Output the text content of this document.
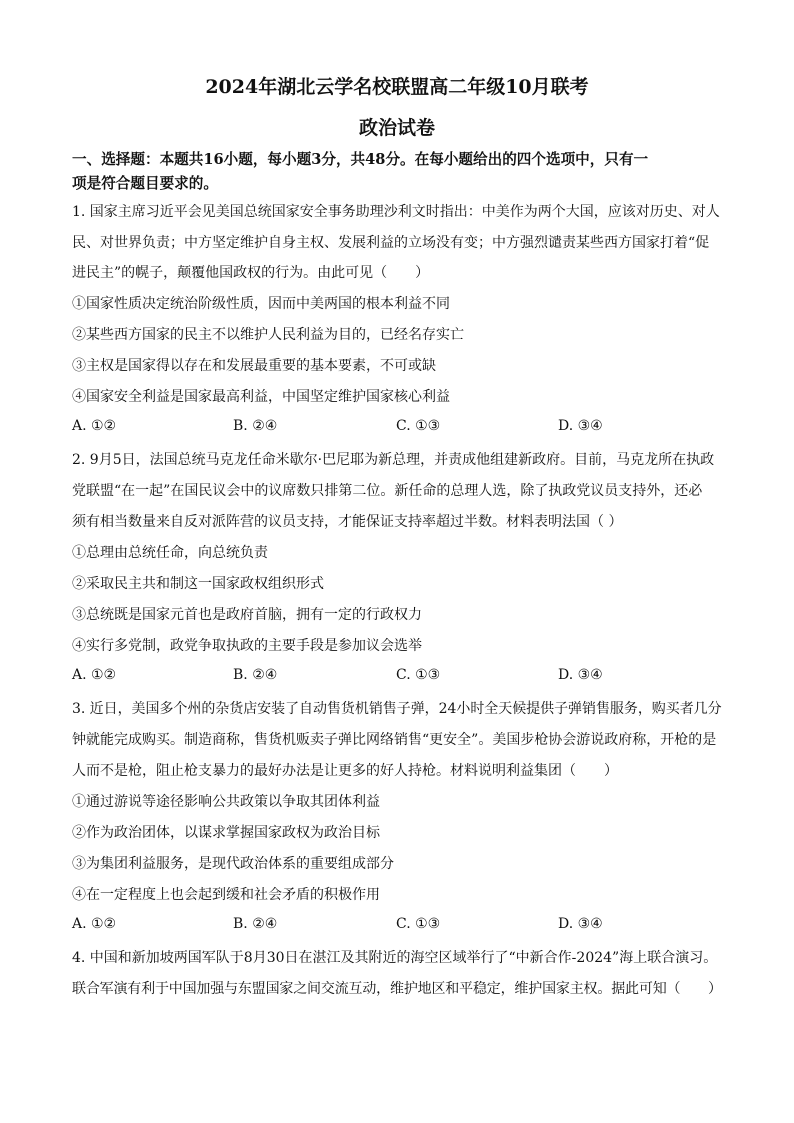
2024年湖北云学名校联盟高二年级10月联考
政治试卷
一、选择题：本题共16小题，每小题3分，共48分。在每小题给出的四个选项中，只有一
项是符合题目要求的。
1. 国家主席习近平会见美国总统国家安全事务助理沙利文时指出：中美作为两个大国，应该对历史、对人
民、对世界负责；中方坚定维护自身主权、发展利益的立场没有变；中方强烈谴责某些西方国家打着“促
进民主”的幌子，颠覆他国政权的行为。由此可见（　　）
①国家性质决定统治阶级性质，因而中美两国的根本利益不同
②某些西方国家的民主不以维护人民利益为目的，已经名存实亡
③主权是国家得以存在和发展最重要的基本要素，不可或缺
④国家安全利益是国家最高利益，中国坚定维护国家核心利益
A. ①②	B. ②④	C. ①③	D. ③④
2. 9月5日，法国总统马克龙任命米歇尔·巴尼耶为新总理，并责成他组建新政府。目前，马克龙所在执政
党联盟“在一起”在国民议会中的议席数只排第二位。新任命的总理人选，除了执政党议员支持外，还必
须有相当数量来自反对派阵营的议员支持，才能保证支持率超过半数。材料表明法国（ ）
①总理由总统任命，向总统负责
②采取民主共和制这一国家政权组织形式
③总统既是国家元首也是政府首脑，拥有一定的行政权力
④实行多党制，政党争取执政的主要手段是参加议会选举
A. ①②	B. ②④	C. ①③	D. ③④
3. 近日，美国多个州的杂货店安装了自动售货机销售子弹，24小时全天候提供子弹销售服务，购买者几分
钟就能完成购买。制造商称，售货机贩卖子弹比网络销售“更安全”。美国步枪协会游说政府称，开枪的是
人而不是枪，阻止枪支暴力的最好办法是让更多的好人持枪。材料说明利益集团（　　）
①通过游说等途径影响公共政策以争取其团体利益
②作为政治团体，以谋求掌握国家政权为政治目标
③为集团利益服务，是现代政治体系的重要组成部分
④在一定程度上也会起到缓和社会矛盾的积极作用
A. ①②	B. ②④	C. ①③	D. ③④
4. 中国和新加坡两国军队于8月30日在湛江及其附近的海空区域举行了“中新合作-2024”海上联合演习。
联合军演有利于中国加强与东盟国家之间交流互动，维护地区和平稳定，维护国家主权。据此可知（　　）
